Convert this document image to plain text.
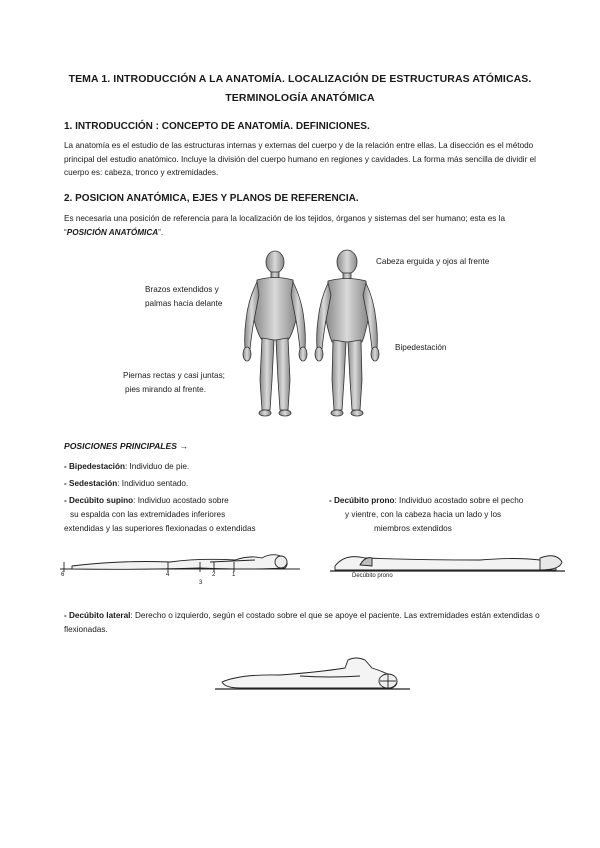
TEMA 1. INTRODUCCIÓN A LA ANATOMÍA. LOCALIZACIÓN DE ESTRUCTURAS ATÓMICAS.
TERMINOLOGÍA ANATÓMICA
1. INTRODUCCIÓN : CONCEPTO DE ANATOMÍA. DEFINICIONES.
La anatomía es el estudio de las estructuras internas y externas del cuerpo y de la relación entre ellas. La disección es el método principal del estudio anatómico. Incluye la división del cuerpo humano en regiones y cavidades. La forma más sencilla de dividir el cuerpo es: cabeza, tronco y extremidades.
2. POSICION ANATÓMICA, EJES Y PLANOS DE REFERENCIA.
Es necesaria una posición de referencia para la localización de los tejidos, órganos y sistemas del ser humano; esta es la “POSICIÓN ANATÓMICA”.
Cabeza erguida y ojos al frente
Brazos extendidos y
palmas hacia delante
Bipedestación
Piernas rectas y casi juntas;
pies mirando al frente.
POSICIONES PRINCIPALES →
- Bipedestación: Individuo de pie.
- Sedestación: Individuo sentado.
- Decúbito supino: Individuo acostado sobre
su espalda con las extremidades inferiores
extendidas y las superiores flexionadas o extendidas
- Decúbito prono: Individuo acostado sobre el pecho
y vientre, con la cabeza hacia un lado y los
miembros extendidos
6	4	2
3
1	Decúbito prono
- Decúbito lateral: Derecho o izquierdo, según el costado sobre el que se apoye el paciente. Las extremidades están extendidas o flexionadas.
